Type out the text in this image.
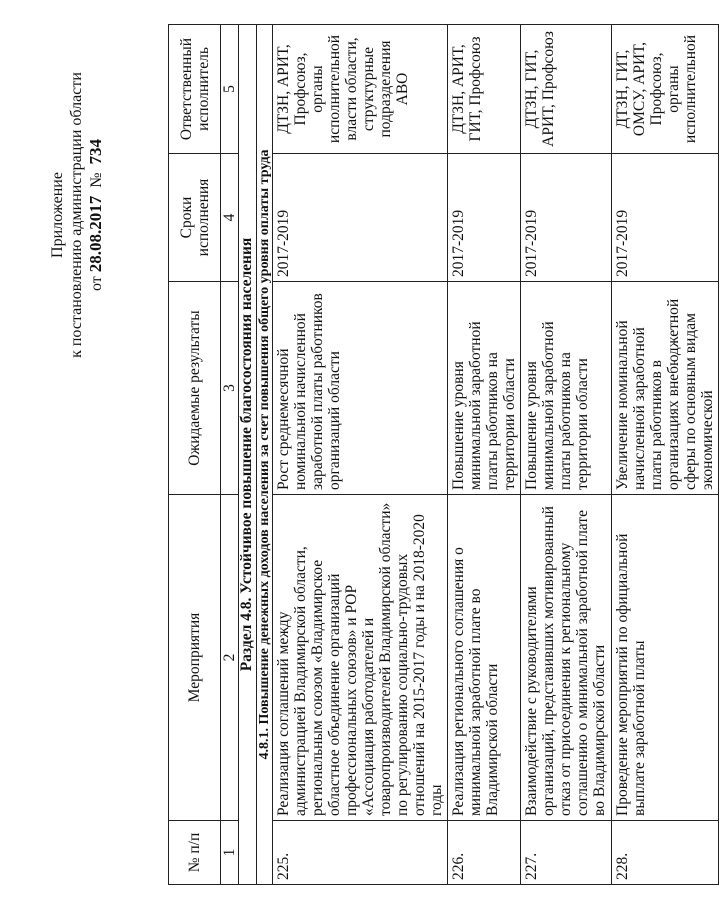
Приложение к постановлению администрации области от 28.08.2017  №  734
№ п/п	Мероприятия	Ожидаемые результаты	Сроки исполнения	Ответственный исполнитель
1	2	3	4	5
Раздел 4.8. Устойчивое повышение благосостояния населения				
4.8.1. Повышение денежных доходов населения за счет повышения общего уровня оплаты труда				
225.	Реализация соглашений между администрацией Владимирской области, региональным союзом «Владимирское областное объединение организаций профессиональных союзов» и РОР «Ассоциация работодателей и товаропроизводителей Владимирской области» по регулированию социально-трудовых отношений на 2015-2017 годы и на 2018-2020 годы	Рост среднемесячной номинальной начисленной заработной платы работников организаций области	2017-2019	ДТЗН, АРИТ, Профсоюз, органы исполнительной власти области, структурные подразделения АВО
226.	Реализация регионального соглашения о минимальной заработной плате во Владимирской области	Повышение уровня минимальной заработной платы работников на территории области	2017-2019	ДТЗН, АРИТ, ГИТ, Профсоюз
227.	Взаимодействие с руководителями организаций, представивших мотивированный отказ от присоединения к региональному соглашению о минимальной заработной плате во Владимирской области	Повышение уровня минимальной заработной платы работников на территории области	2017-2019	ДТЗН, ГИТ, АРИТ, Профсоюз
228.	Проведение мероприятий по официальной выплате заработной платы	Увеличение номинальной начисленной заработной платы работников в организациях внебюджетной сферы по основным видам экономической	2017-2019	ДТЗН, ГИТ, ОМСУ, АРИТ, Профсоюз, органы исполнительной
